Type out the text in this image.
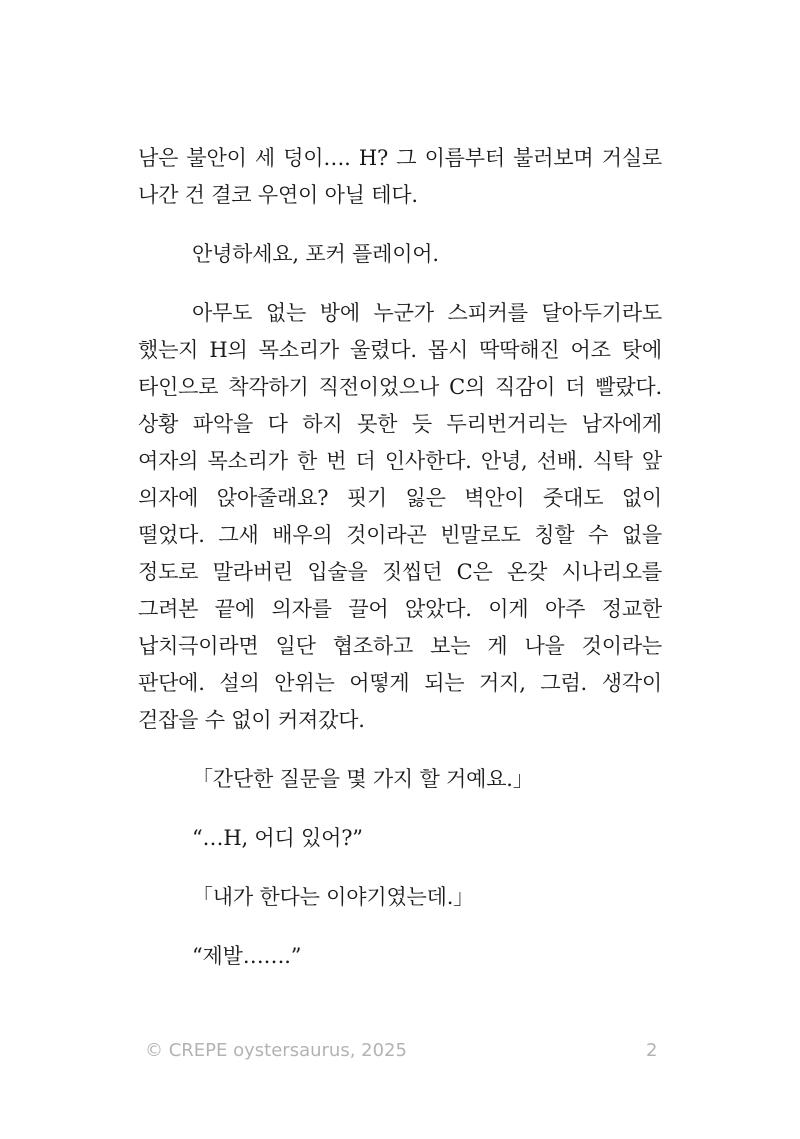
남은 불안이 세 덩이…. H? 그 이름부터 불러보며 거실로 나간 건 결코 우연이 아닐 테다.

안녕하세요, 포커 플레이어.

아무도 없는 방에 누군가 스피커를 달아두기라도 했는지 H의 목소리가 울렸다. 몹시 딱딱해진 어조 탓에 타인으로 착각하기 직전이었으나 C의 직감이 더 빨랐다. 상황 파악을 다 하지 못한 듯 두리번거리는 남자에게 여자의 목소리가 한 번 더 인사한다. 안녕, 선배. 식탁 앞 의자에 앉아줄래요? 핏기 잃은 벽안이 줏대도 없이 떨었다. 그새 배우의 것이라곤 빈말로도 칭할 수 없을 정도로 말라버린 입술을 짓씹던 C은 온갖 시나리오를 그려본 끝에 의자를 끌어 앉았다. 이게 아주 정교한 납치극이라면 일단 협조하고 보는 게 나을 것이라는 판단에. 설의 안위는 어떻게 되는 거지, 그럼. 생각이 걷잡을 수 없이 커져갔다.

「간단한 질문을 몇 가지 할 거예요.」

“…H, 어디 있어?”

「내가 한다는 이야기였는데.」

“제발…….”

© CREPE oystersaurus, 2025	2
